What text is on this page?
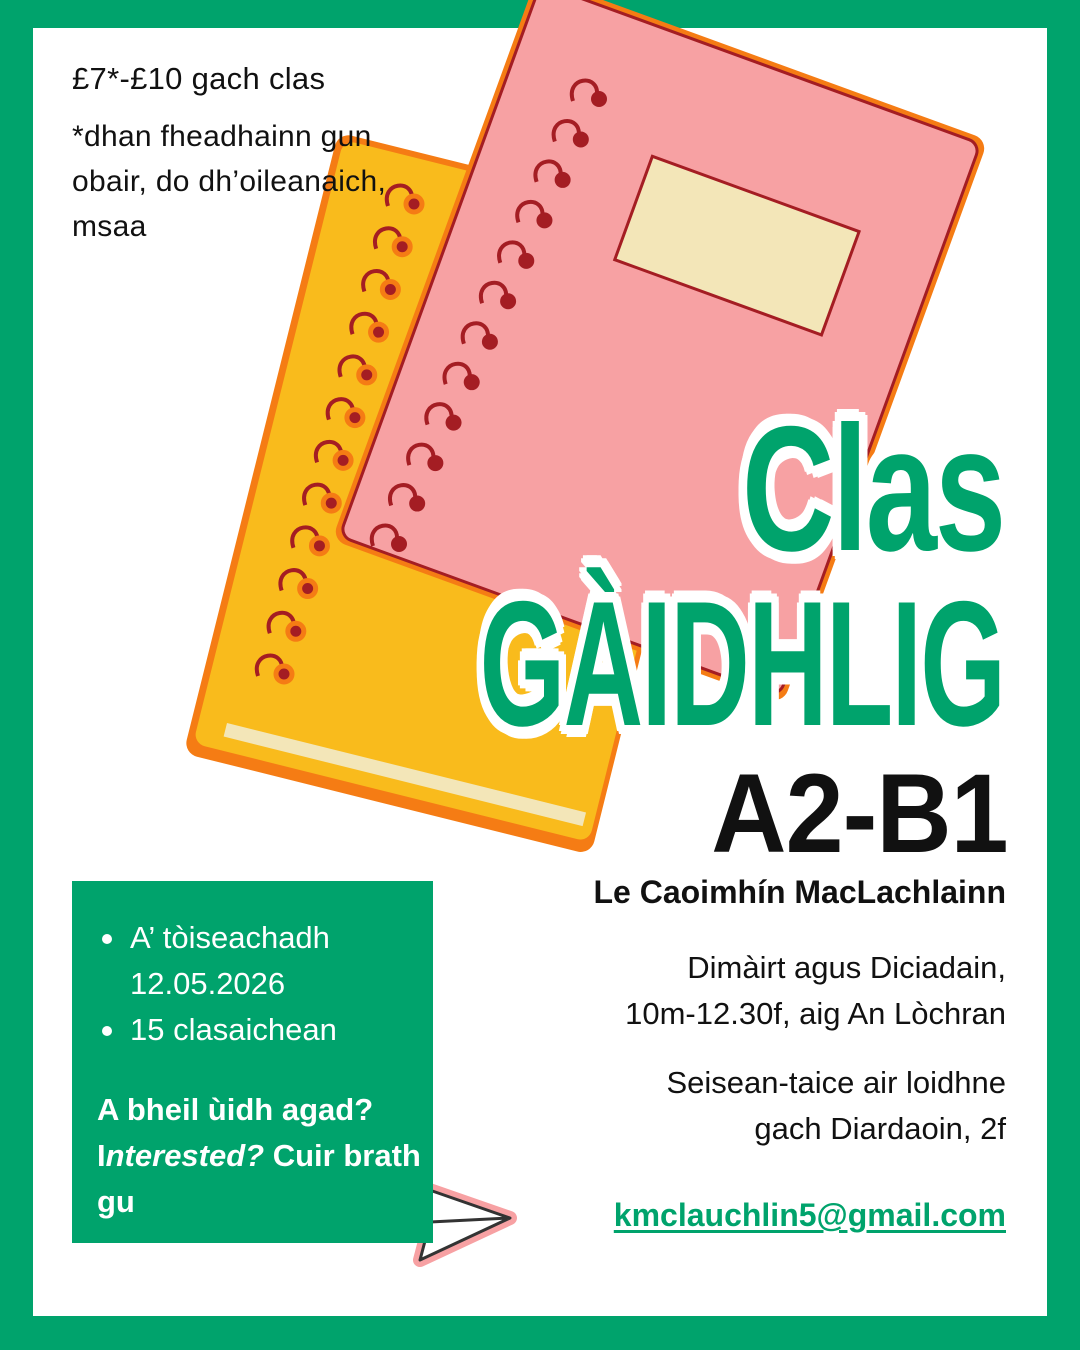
£7*-£10 gach clas
*dhan fheadhainn gun obair, do dh’oileanaich, msaa
Clas
GÀIDHLIG
A2-B1
Le Caoimhín MacLachlainn
Dimàirt agus Diciadain,
10m-12.30f, aig An Lòchran
Seisean-taice air loidhne
gach Diardaoin, 2f
kmclauchlin5@gmail.com
A’ tòiseachadh 12.05.2026
15 clasaichean
A bheil ùidh agad?
Interested? Cuir brath gu
